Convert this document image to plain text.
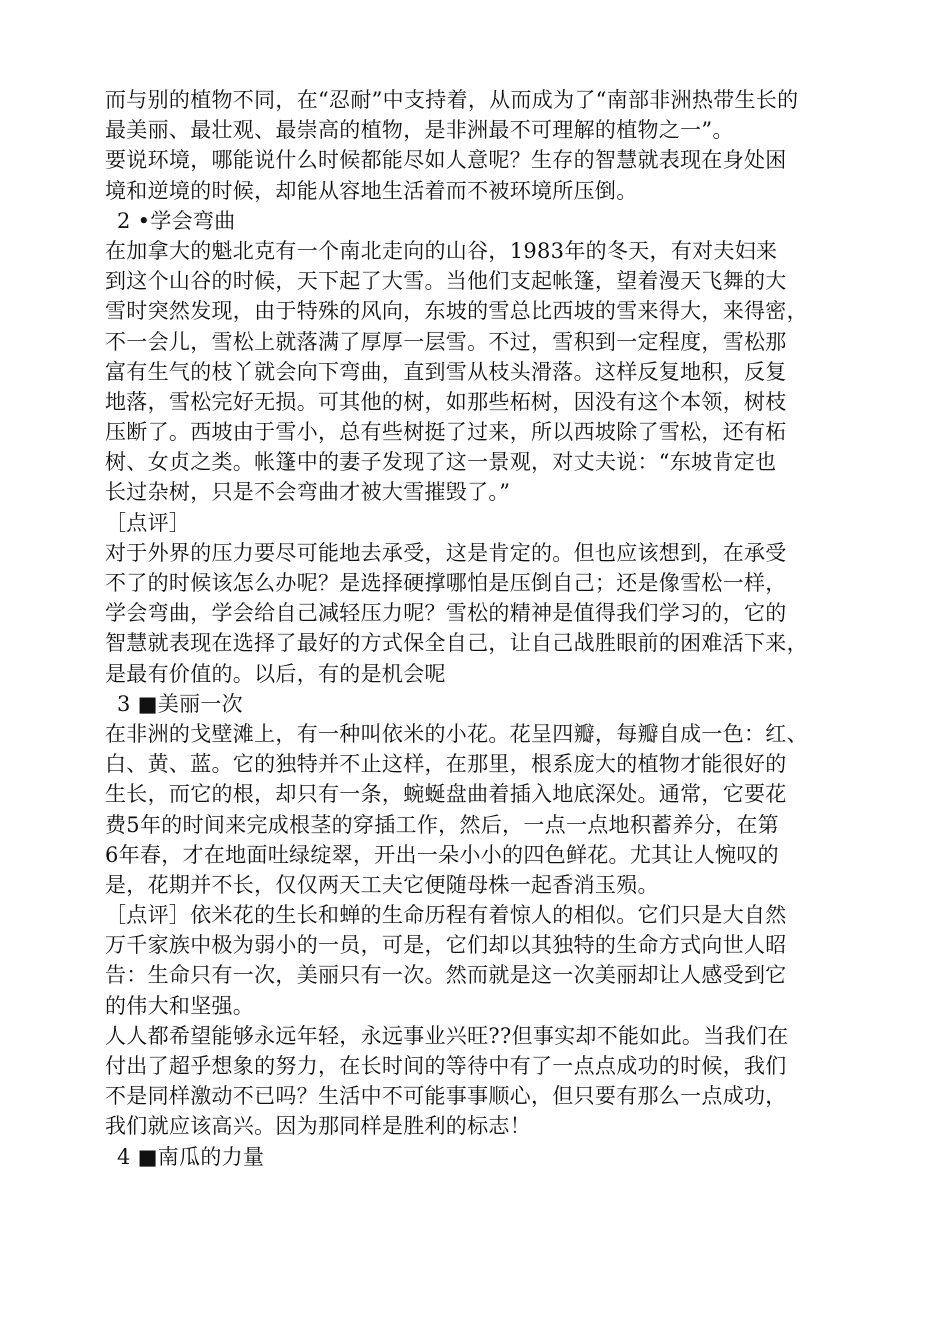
而与别的植物不同，在“忍耐”中支持着，从而成为了“南部非洲热带生长的
最美丽、最壮观、最崇高的植物，是非洲最不可理解的植物之一”。
要说环境，哪能说什么时候都能尽如人意呢？生存的智慧就表现在身处困
境和逆境的时候，却能从容地生活着而不被环境所压倒。
2 •学会弯曲
在加拿大的魁北克有一个南北走向的山谷，1983年的冬天，有对夫妇来
到这个山谷的时候，天下起了大雪。当他们支起帐篷，望着漫天飞舞的大
雪时突然发现，由于特殊的风向，东坡的雪总比西坡的雪来得大，来得密，
不一会儿，雪松上就落满了厚厚一层雪。不过，雪积到一定程度，雪松那
富有生气的枝丫就会向下弯曲，直到雪从枝头滑落。这样反复地积，反复
地落，雪松完好无损。可其他的树，如那些柘树，因没有这个本领，树枝
压断了。西坡由于雪小，总有些树挺了过来，所以西坡除了雪松，还有柘
树、女贞之类。帐篷中的妻子发现了这一景观，对丈夫说：“东坡肯定也
长过杂树，只是不会弯曲才被大雪摧毁了。”
［点评］
对于外界的压力要尽可能地去承受，这是肯定的。但也应该想到，在承受
不了的时候该怎么办呢？是选择硬撑哪怕是压倒自己；还是像雪松一样，
学会弯曲，学会给自己减轻压力呢？雪松的精神是值得我们学习的，它的
智慧就表现在选择了最好的方式保全自己，让自己战胜眼前的困难活下来，
是最有价值的。以后，有的是机会呢
3 ■美丽一次
在非洲的戈壁滩上，有一种叫依米的小花。花呈四瓣，每瓣自成一色：红、
白、黄、蓝。它的独特并不止这样，在那里，根系庞大的植物才能很好的
生长，而它的根，却只有一条，蜿蜒盘曲着插入地底深处。通常，它要花
费5年的时间来完成根茎的穿插工作，然后，一点一点地积蓄养分，在第
6年春，才在地面吐绿绽翠，开出一朵小小的四色鲜花。尤其让人惋叹的
是，花期并不长，仅仅两天工夫它便随母株一起香消玉殒。
［点评］依米花的生长和蝉的生命历程有着惊人的相似。它们只是大自然
万千家族中极为弱小的一员，可是，它们却以其独特的生命方式向世人昭
告：生命只有一次，美丽只有一次。然而就是这一次美丽却让人感受到它
的伟大和坚强。
人人都希望能够永远年轻，永远事业兴旺??但事实却不能如此。当我们在
付出了超乎想象的努力，在长时间的等待中有了一点点成功的时候，我们
不是同样激动不已吗？生活中不可能事事顺心，但只要有那么一点成功，
我们就应该高兴。因为那同样是胜利的标志！
4 ■南瓜的力量
